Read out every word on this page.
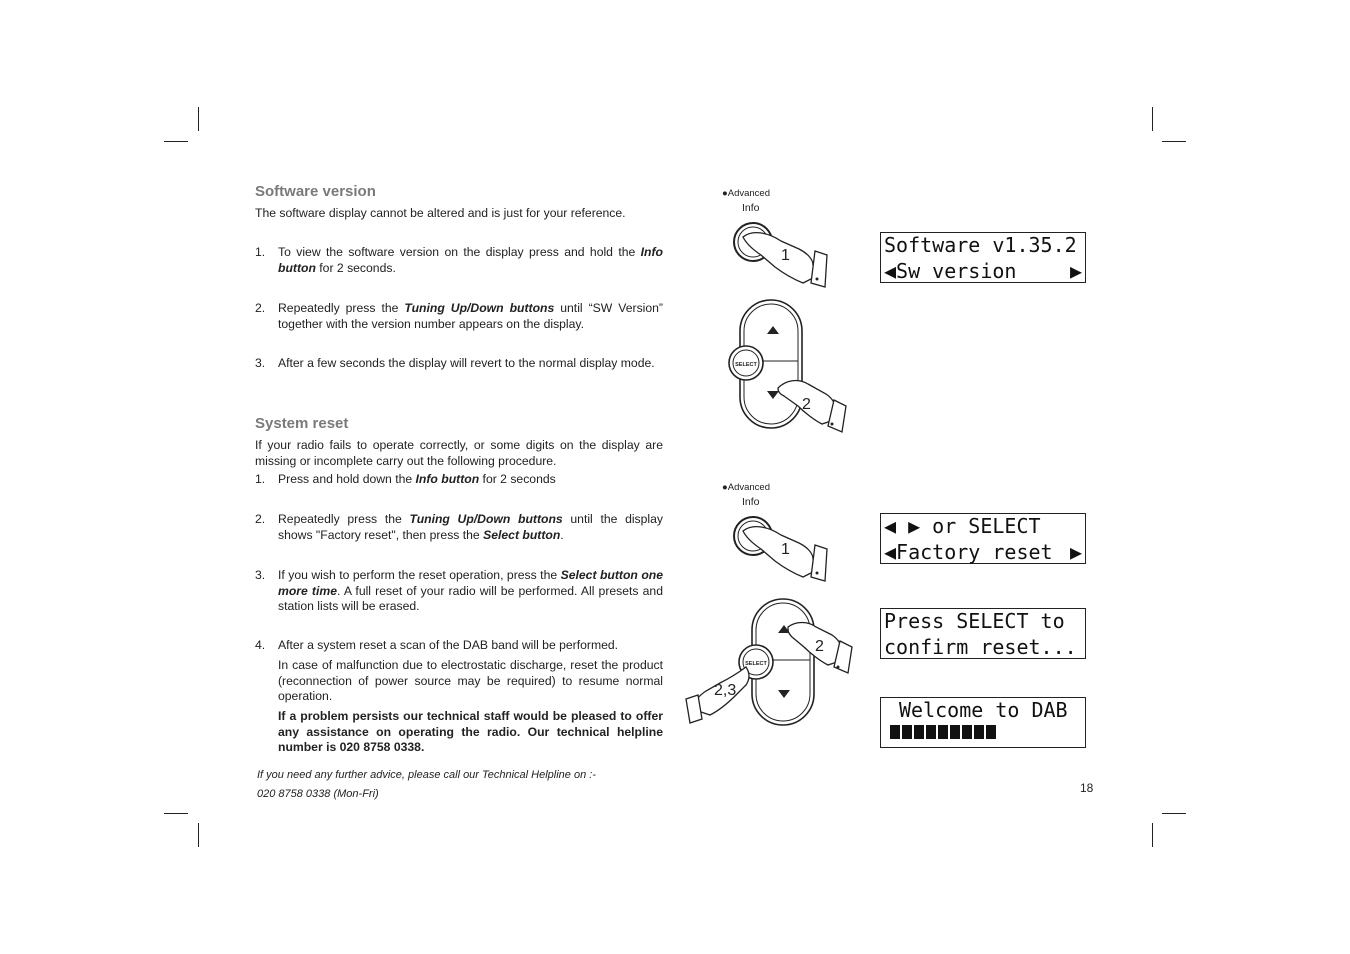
Software version
The software display cannot be altered and is just for your reference.
1. To view the software version on the display press and hold the Info button for 2 seconds.
2. Repeatedly press the Tuning Up/Down buttons until “SW Version” together with the version number appears on the display.
3. After a few seconds the display will revert to the normal display mode.
System reset
If your radio fails to operate correctly, or some digits on the display are missing or incomplete carry out the following procedure.
1. Press and hold down the Info button for 2 seconds
2. Repeatedly press the Tuning Up/Down buttons until the display shows "Factory reset", then press the Select button.
3. If you wish to perform the reset operation, press the Select button one more time. A full reset of your radio will be performed. All presets and station lists will be erased.
4. After a system reset a scan of the DAB band will be performed.
In case of malfunction due to electrostatic discharge, reset the product (reconnection of power source may be required) to resume normal operation.
If a problem persists our technical staff would be pleased to offer any assistance on operating the radio. Our technical helpline number is 020 8758 0338.
If you need any further advice, please call our Technical Helpline on :-
020 8758 0338 (Mon-Fri)	18
●Advanced
Info
1	Software v1.35.2
◀Sw version	▶
SELECT
2
●Advanced
Info
1
◀ ▶ or SELECT
◀Factory reset ▶
SELECT
2
2,3
Press SELECT to
confirm reset...
Welcome to DAB
